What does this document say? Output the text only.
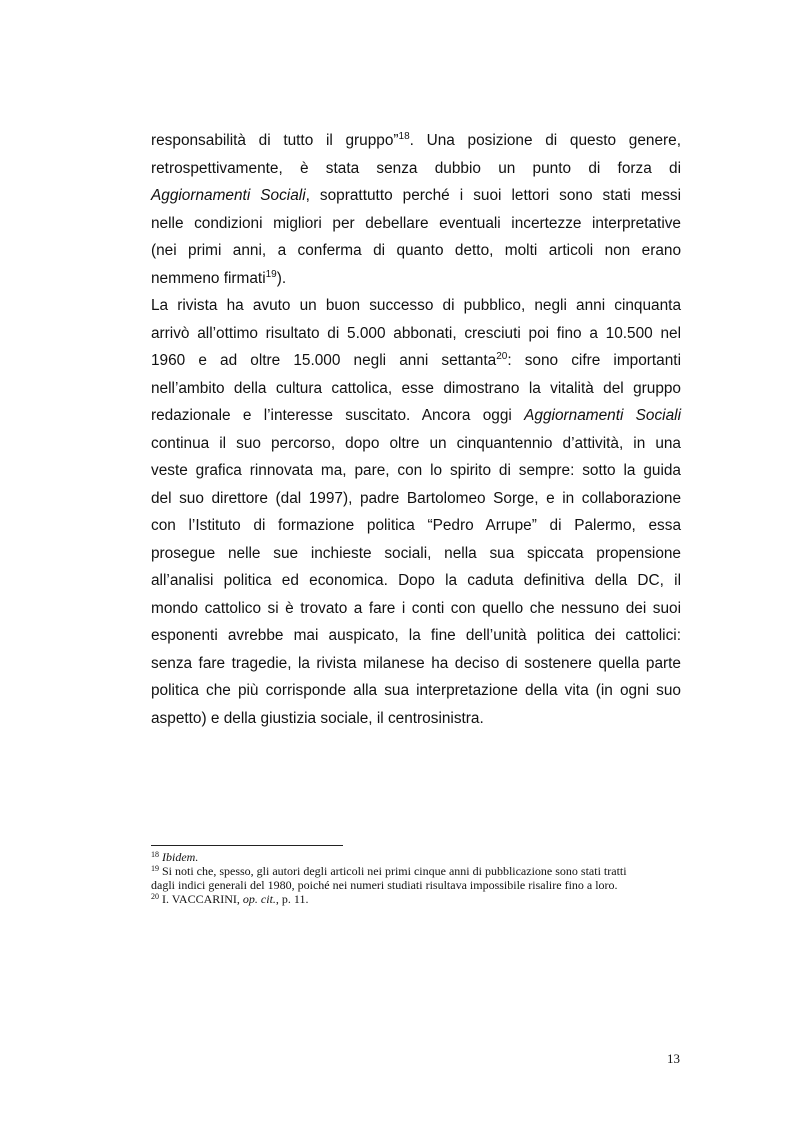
responsabilità di tutto il gruppo”$^{18}$. Una posizione di questo genere,
retrospettivamente, è stata senza dubbio un punto di forza di
Aggiornamenti Sociali, soprattutto perché i suoi lettori sono stati messi
nelle condizioni migliori per debellare eventuali incertezze interpretative
(nei primi anni, a conferma di quanto detto, molti articoli non erano
nemmeno firmati$^{19}$).
La rivista ha avuto un buon successo di pubblico, negli anni cinquanta
arrivò all’ottimo risultato di 5.000 abbonati, cresciuti poi fino a 10.500 nel
1960 e ad oltre 15.000 negli anni settanta$^{20}$: sono cifre importanti
nell’ambito della cultura cattolica, esse dimostrano la vitalità del gruppo
redazionale e l’interesse suscitato. Ancora oggi Aggiornamenti Sociali
continua il suo percorso, dopo oltre un cinquantennio d’attività, in una
veste grafica rinnovata ma, pare, con lo spirito di sempre: sotto la guida
del suo direttore (dal 1997), padre Bartolomeo Sorge, e in collaborazione
con l’Istituto di formazione politica “Pedro Arrupe” di Palermo, essa
prosegue nelle sue inchieste sociali, nella sua spiccata propensione
all’analisi politica ed economica. Dopo la caduta definitiva della DC, il
mondo cattolico si è trovato a fare i conti con quello che nessuno dei suoi
esponenti avrebbe mai auspicato, la fine dell’unità politica dei cattolici:
senza fare tragedie, la rivista milanese ha deciso di sostenere quella parte
politica che più corrisponde alla sua interpretazione della vita (in ogni suo
aspetto) e della giustizia sociale, il centrosinistra.

$^{18}$ Ibidem.

$^{19}$ Si noti che, spesso, gli autori degli articoli nei primi cinque anni di pubblicazione sono stati tratti
dagli indici generali del 1980, poiché nei numeri studiati risultava impossibile risalire fino a loro.

$^{20}$ I. VACCARINI, op. cit., p. 11.

13
